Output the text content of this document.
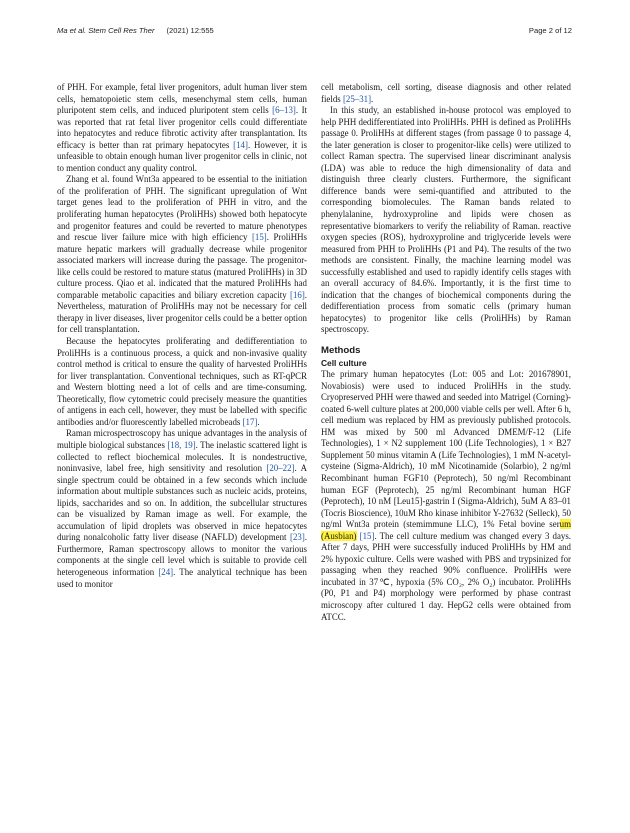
Ma et al. Stem Cell Res Ther (2021) 12:555	Page 2 of 12

of PHH. For example, fetal liver progenitors, adult human liver stem cells, hematopoietic stem cells, mesenchymal stem cells, human pluripotent stem cells, and induced pluripotent stem cells [6–13]. It was reported that rat fetal liver progenitor cells could differentiate into hepatocytes and reduce fibrotic activity after transplantation. Its efficacy is better than rat primary hepatocytes [14]. However, it is unfeasible to obtain enough human liver progenitor cells in clinic, not to mention conduct any quality control.

Zhang et al. found Wnt3a appeared to be essential to the initiation of the proliferation of PHH. The significant upregulation of Wnt target genes lead to the proliferation of PHH in vitro, and the proliferating human hepatocytes (ProliHHs) showed both hepatocyte and progenitor features and could be reverted to mature phenotypes and rescue liver failure mice with high efficiency [15]. ProliHHs mature hepatic markers will gradually decrease while progenitor associated markers will increase during the passage. The progenitor-like cells could be restored to mature status (matured ProliHHs) in 3D culture process. Qiao et al. indicated that the matured ProliHHs had comparable metabolic capacities and biliary excretion capacity [16]. Nevertheless, maturation of ProliHHs may not be necessary for cell therapy in liver diseases, liver progenitor cells could be a better option for cell transplantation.

Because the hepatocytes proliferating and dedifferentiation to ProliHHs is a continuous process, a quick and non-invasive quality control method is critical to ensure the quality of harvested ProliHHs for liver transplantation. Conventional techniques, such as RT-qPCR and Western blotting need a lot of cells and are time-consuming. Theoretically, flow cytometric could precisely measure the quantities of antigens in each cell, however, they must be labelled with specific antibodies and/or fluorescently labelled microbeads [17].

Raman microspectroscopy has unique advantages in the analysis of multiple biological substances [18, 19]. The inelastic scattered light is collected to reflect biochemical molecules. It is nondestructive, noninvasive, label free, high sensitivity and resolution [20–22]. A single spectrum could be obtained in a few seconds which include information about multiple substances such as nucleic acids, proteins, lipids, saccharides and so on. In addition, the subcellular structures can be visualized by Raman image as well. For example, the accumulation of lipid droplets was observed in mice hepatocytes during nonalcoholic fatty liver disease (NAFLD) development [23]. Furthermore, Raman spectroscopy allows to monitor the various components at the single cell level which is suitable to provide cell heterogeneous information [24]. The analytical technique has been used to monitor

cell metabolism, cell sorting, disease diagnosis and other related fields [25–31].

In this study, an established in-house protocol was employed to help PHH dedifferentiated into ProliHHs. PHH is defined as ProliHHs passage 0. ProliHHs at different stages (from passage 0 to passage 4, the later generation is closer to progenitor-like cells) were utilized to collect Raman spectra. The supervised linear discriminant analysis (LDA) was able to reduce the high dimensionality of data and distinguish three clearly clusters. Furthermore, the significant difference bands were semi-quantified and attributed to the corresponding biomolecules. The Raman bands related to phenylalanine, hydroxyproline and lipids were chosen as representative biomarkers to verify the reliability of Raman. reactive oxygen species (ROS), hydroxyproline and triglyceride levels were measured from PHH to ProliHHs (P1 and P4). The results of the two methods are consistent. Finally, the machine learning model was successfully established and used to rapidly identify cells stages with an overall accuracy of 84.6%. Importantly, it is the first time to indication that the changes of biochemical components during the dedifferentiation process from somatic cells (primary human hepatocytes) to progenitor like cells (ProliHHs) by Raman spectroscopy.

Methods
Cell culture

The primary human hepatocytes (Lot: 005 and Lot: 201678901, Novabiosis) were used to induced ProliHHs in the study. Cryopreserved PHH were thawed and seeded into Matrigel (Corning)-coated 6-well culture plates at 200,000 viable cells per well. After 6 h, cell medium was replaced by HM as previously published protocols. HM was mixed by 500 ml Advanced DMEM/F-12 (Life Technologies), 1 × N2 supplement 100 (Life Technologies), 1 × B27 Supplement 50 minus vitamin A (Life Technologies), 1 mM N-acetyl-cysteine (Sigma-Aldrich), 10 mM Nicotinamide (Solarbio), 2 ng/ml Recombinant human FGF10 (Peprotech), 50 ng/ml Recombinant human EGF (Peprotech), 25 ng/ml Recombinant human HGF (Peprotech), 10 nM [Leu15]-gastrin I (Sigma-Aldrich), 5uM A 83–01 (Tocris Bioscience), 10uM Rho kinase inhibitor Y-27632 (Selleck), 50 ng/ml Wnt3a protein (stemimmune LLC), 1% Fetal bovine serum (Ausbian) [15]. The cell culture medium was changed every 3 days. After 7 days, PHH were successfully induced ProliHHs by HM and 2% hypoxic culture. Cells were washed with PBS and trypsinized for passaging when they reached 90% confluence. ProliHHs were incubated in 37℃, hypoxia (5% CO₂, 2% O₂) incubator. ProliHHs (P0, P1 and P4) morphology were performed by phase contrast microscopy after cultured 1 day. HepG2 cells were obtained from ATCC.
